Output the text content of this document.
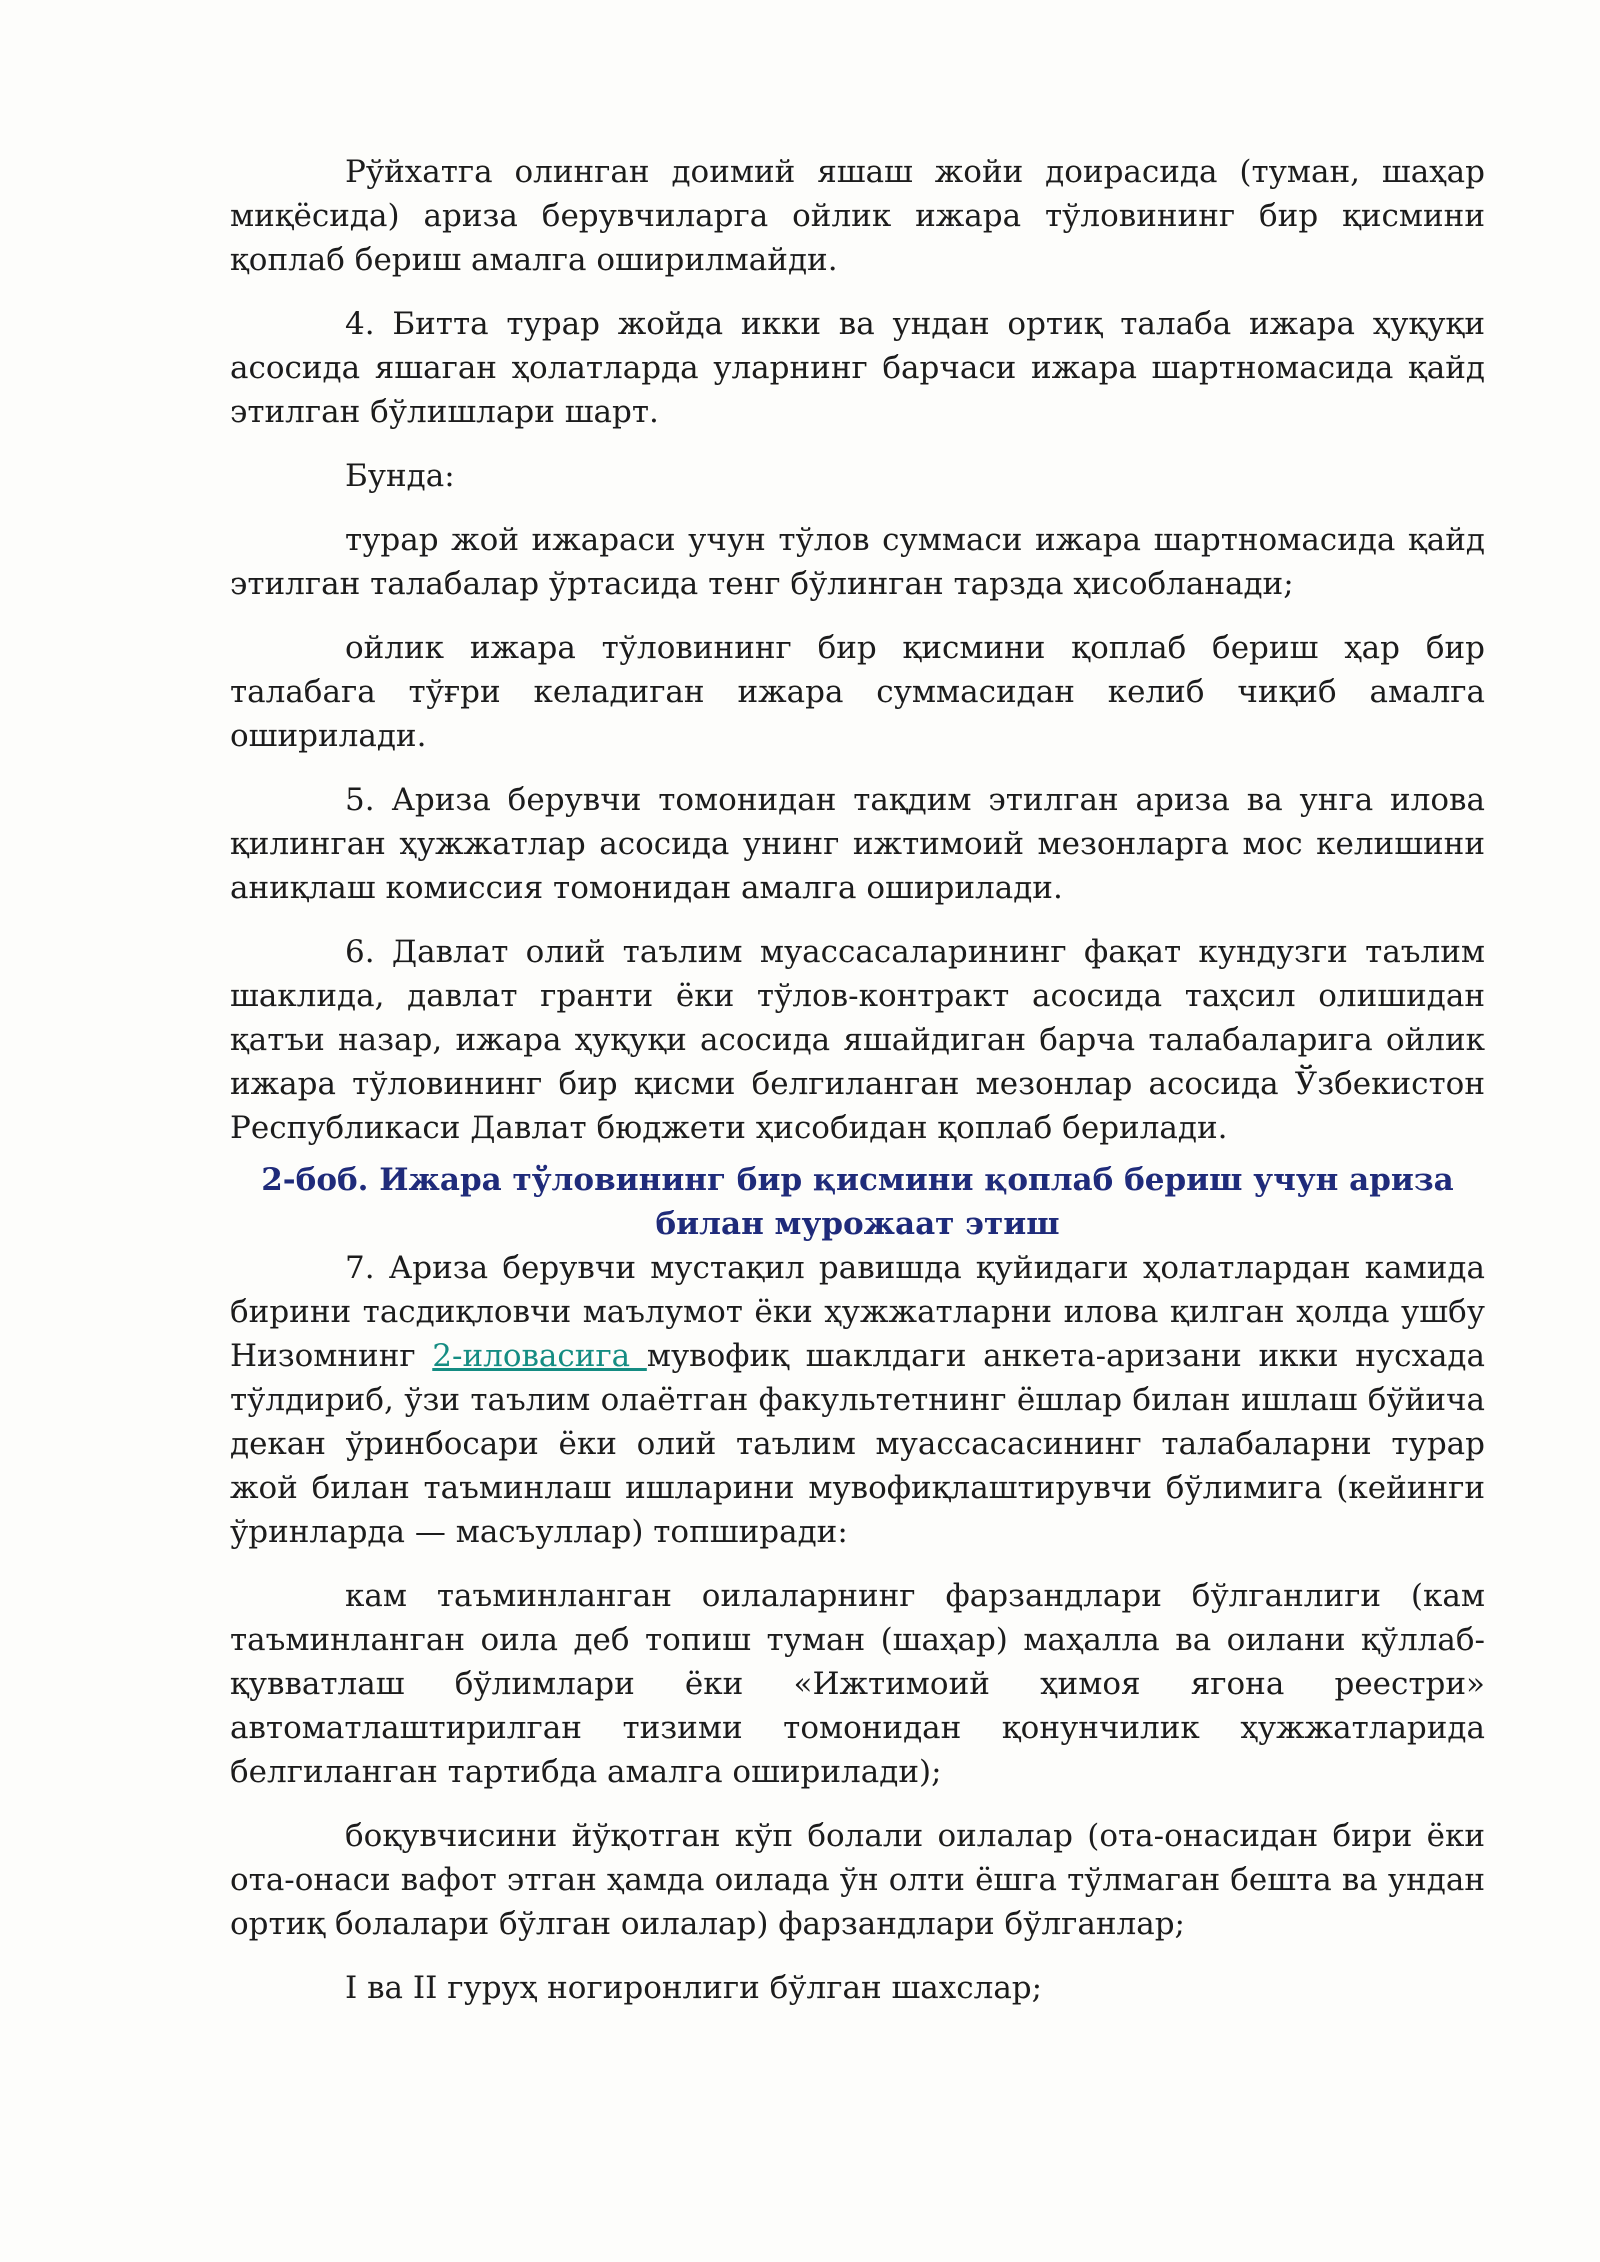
Рўйхатга олинган доимий яшаш жойи доирасида (туман, шаҳар миқёсида) ариза берувчиларга ойлик ижара тўловининг бир қисмини қоплаб бериш амалга оширилмайди.

4. Битта турар жойда икки ва ундан ортиқ талаба ижара ҳуқуқи асосида яшаган ҳолатларда уларнинг барчаси ижара шартномасида қайд этилган бўлишлари шарт.

Бунда:

турар жой ижараси учун тўлов суммаси ижара шартномасида қайд этилган талабалар ўртасида тенг бўлинган тарзда ҳисобланади;

ойлик ижара тўловининг бир қисмини қоплаб бериш ҳар бир талабага тўғри келадиган ижара суммасидан келиб чиқиб амалга оширилади.

5. Ариза берувчи томонидан тақдим этилган ариза ва унга илова қилинган ҳужжатлар асосида унинг ижтимоий мезонларга мос келишини аниқлаш комиссия томонидан амалга оширилади.

6. Давлат олий таълим муассасаларининг фақат кундузги таълим шаклида, давлат гранти ёки тўлов-контракт асосида таҳсил олишидан қатъи назар, ижара ҳуқуқи асосида яшайдиган барча талабаларига ойлик ижара тўловининг бир қисми белгиланган мезонлар асосида Ўзбекистон Республикаси Давлат бюджети ҳисобидан қоплаб берилади.

2-боб. Ижара тўловининг бир қисмини қоплаб бериш учун ариза билан мурожаат этиш

7. Ариза берувчи мустақил равишда қуйидаги ҳолатлардан камида бирини тасдиқловчи маълумот ёки ҳужжатларни илова қилган ҳолда ушбу Низомнинг 2-иловасига мувофиқ шаклдаги анкета-аризани икки нусхада тўлдириб, ўзи таълим олаётган факультетнинг ёшлар билан ишлаш бўйича декан ўринбосари ёки олий таълим муассасасининг талабаларни турар жой билан таъминлаш ишларини мувофиқлаштирувчи бўлимига (кейинги ўринларда — масъуллар) топширади:

кам таъминланган оилаларнинг фарзандлари бўлганлиги (кам таъминланган оила деб топиш туман (шаҳар) маҳалла ва оилани қўллаб-қувватлаш бўлимлари ёки «Ижтимоий ҳимоя ягона реестри» автоматлаштирилган тизими томонидан қонунчилик ҳужжатларида белгиланган тартибда амалга оширилади);

боқувчисини йўқотган кўп болали оилалар (ота-онасидан бири ёки ота-онаси вафот этган ҳамда оилада ўн олти ёшга тўлмаган бешта ва ундан ортиқ болалари бўлган оилалар) фарзандлари бўлганлар;

I ва II гуруҳ ногиронлиги бўлган шахслар;
